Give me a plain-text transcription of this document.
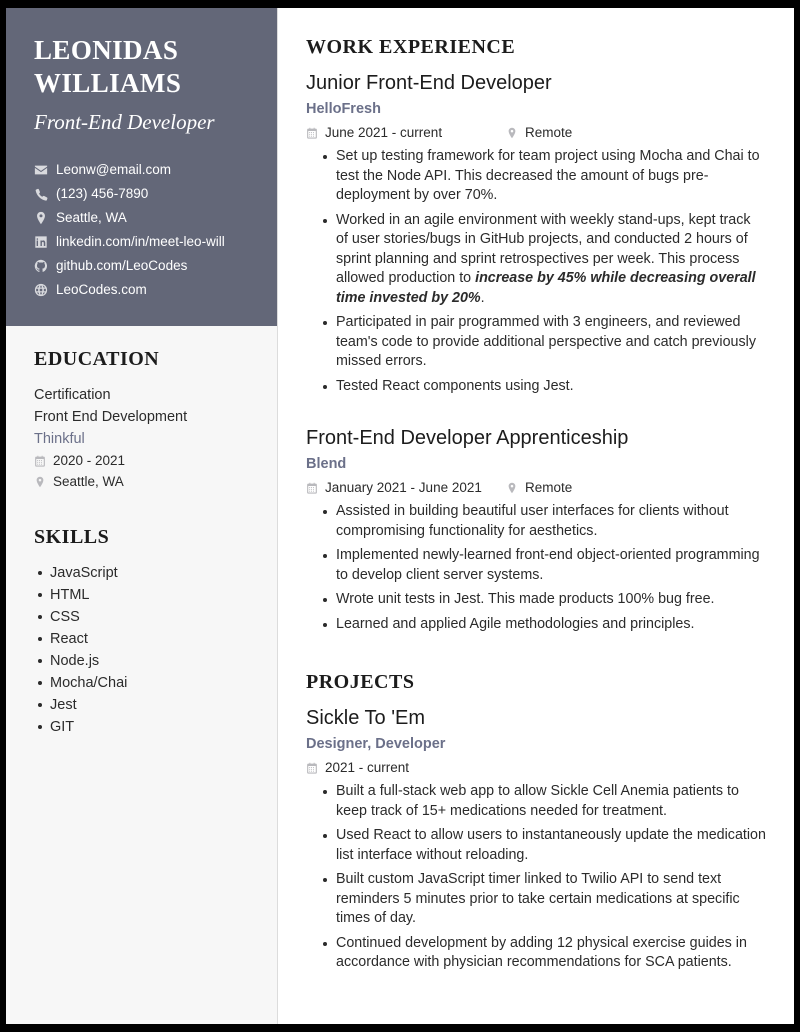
LEONIDAS
WILLIAMS
Front-End Developer
Leonw@email.com
(123) 456-7890
Seattle, WA
linkedin.com/in/meet-leo-will
github.com/LeoCodes
LeoCodes.com
EDUCATION
Certification
Front End Development
Thinkful
2020 - 2021
Seattle, WA
SKILLS
JavaScript
HTML
CSS
React
Node.js
Mocha/Chai
Jest
GIT
WORK EXPERIENCE
Junior Front-End Developer
HelloFresh
June 2021 - current	Remote
Set up testing framework for team project using Mocha and Chai to test the Node API. This decreased the amount of bugs pre-deployment by over 70%.
Worked in an agile environment with weekly stand-ups, kept track of user stories/bugs in GitHub projects, and conducted 2 hours of sprint planning and sprint retrospectives per week. This process allowed production to increase by 45% while decreasing overall time invested by 20%.
Participated in pair programmed with 3 engineers, and reviewed team's code to provide additional perspective and catch previously missed errors.
Tested React components using Jest.
Front-End Developer Apprenticeship
Blend
January 2021 - June 2021	Remote
Assisted in building beautiful user interfaces for clients without compromising functionality for aesthetics.
Implemented newly-learned front-end object-oriented programming to develop client server systems.
Wrote unit tests in Jest. This made products 100% bug free.
Learned and applied Agile methodologies and principles.
PROJECTS
Sickle To 'Em
Designer, Developer
2021 - current
Built a full-stack web app to allow Sickle Cell Anemia patients to keep track of 15+ medications needed for treatment.
Used React to allow users to instantaneously update the medication list interface without reloading.
Built custom JavaScript timer linked to Twilio API to send text reminders 5 minutes prior to take certain medications at specific times of day.
Continued development by adding 12 physical exercise guides in accordance with physician recommendations for SCA patients.
